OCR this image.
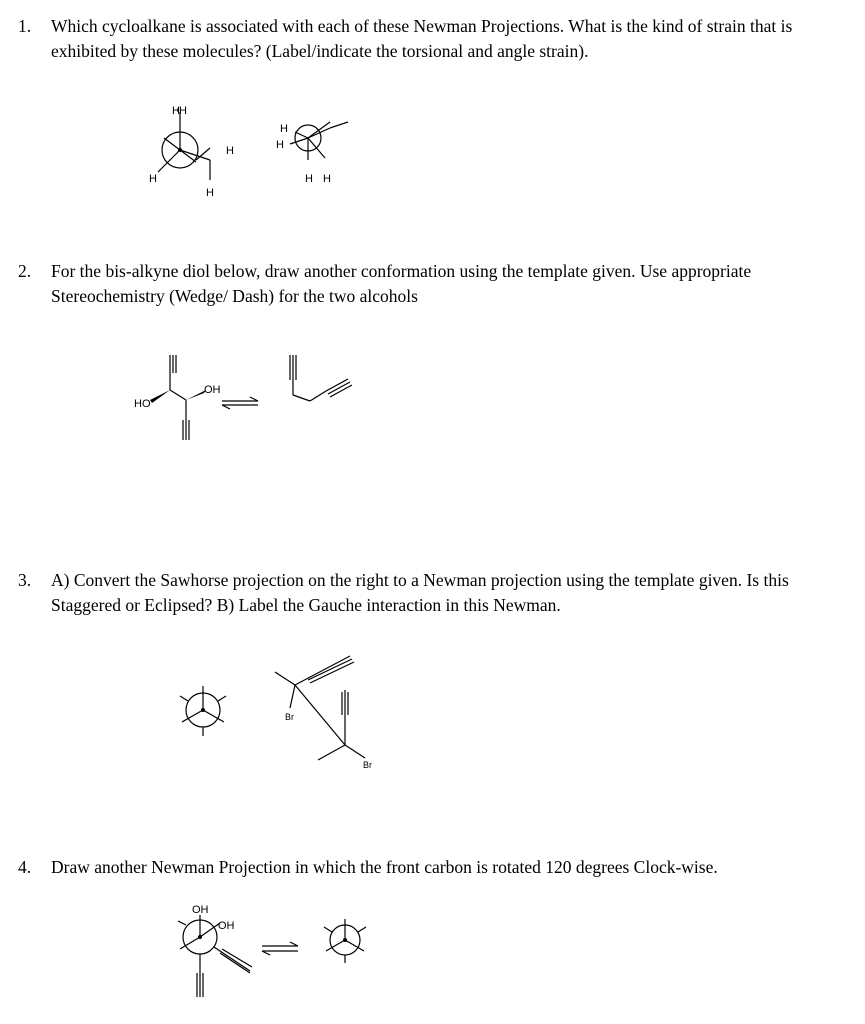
1. Which cycloalkane is associated with each of these Newman Projections. What is the kind of strain that is exhibited by these molecules? (Label/indicate the torsional and angle strain).
H H
H
H
H
H
H
H H
2. For the bis-alkyne diol below, draw another conformation using the template given. Use appropriate Stereochemistry (Wedge/ Dash) for the two alcohols
HO
OH
3. A) Convert the Sawhorse projection on the right to a Newman projection using the template given. Is this Staggered or Eclipsed? B) Label the Gauche interaction in this Newman.
Br
Br
4. Draw another Newman Projection in which the front carbon is rotated 120 degrees Clock-wise.
OH
OH
